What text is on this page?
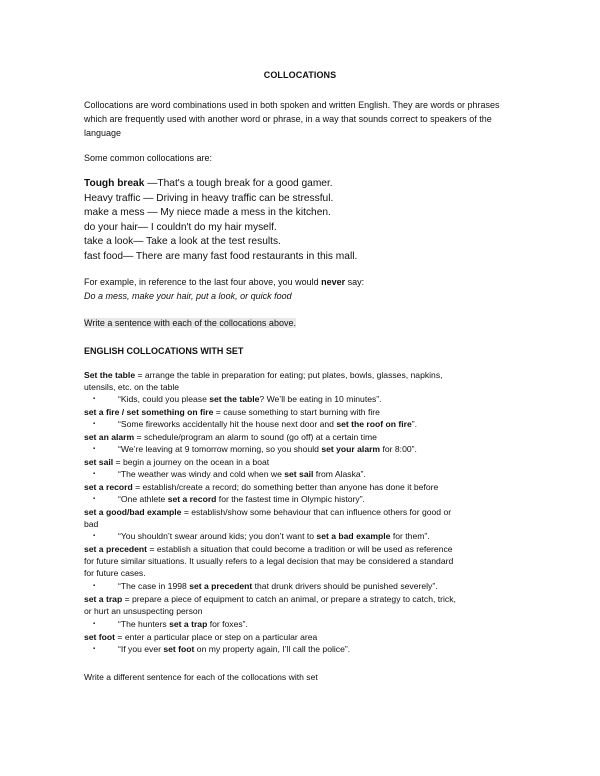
COLLOCATIONS
Collocations are word combinations used in both spoken and written English. They are words or phrases which are frequently used with another word or phrase, in a way that sounds correct to speakers of the language
Some common collocations are:
Tough break —That's a tough break for a good gamer.
Heavy traffic — Driving in heavy traffic can be stressful.
make a mess — My niece made a mess in the kitchen.
do your hair— I couldn't do my hair myself.
take a look— Take a look at the test results.
fast food— There are many fast food restaurants in this mall.
For example, in reference to the last four above, you would never say:
Do a mess, make your hair, put a look, or quick food
Write a sentence with each of the collocations above.
ENGLISH COLLOCATIONS WITH SET
Set the table = arrange the table in preparation for eating; put plates, bowls, glasses, napkins,
utensils, etc. on the table
▪	“Kids, could you please set the table? We’ll be eating in 10 minutes”.
set a fire / set something on fire = cause something to start burning with fire
▪	“Some fireworks accidentally hit the house next door and set the roof on fire”.
set an alarm = schedule/program an alarm to sound (go off) at a certain time
▪	“We’re leaving at 9 tomorrow morning, so you should set your alarm for 8:00”.
set sail = begin a journey on the ocean in a boat
▪	“The weather was windy and cold when we set sail from Alaska”.
set a record = establish/create a record; do something better than anyone has done it before
▪	“One athlete set a record for the fastest time in Olympic history”.
set a good/bad example = establish/show some behaviour that can influence others for good or
bad
▪	“You shouldn’t swear around kids; you don’t want to set a bad example for them”.
set a precedent = establish a situation that could become a tradition or will be used as reference
for future similar situations. It usually refers to a legal decision that may be considered a standard
for future cases.
▪	“The case in 1998 set a precedent that drunk drivers should be punished severely”.
set a trap = prepare a piece of equipment to catch an animal, or prepare a strategy to catch, trick,
or hurt an unsuspecting person
▪	“The hunters set a trap for foxes”.
set foot = enter a particular place or step on a particular area
▪	“If you ever set foot on my property again, I’ll call the police”.
Write a different sentence for each of the collocations with set
